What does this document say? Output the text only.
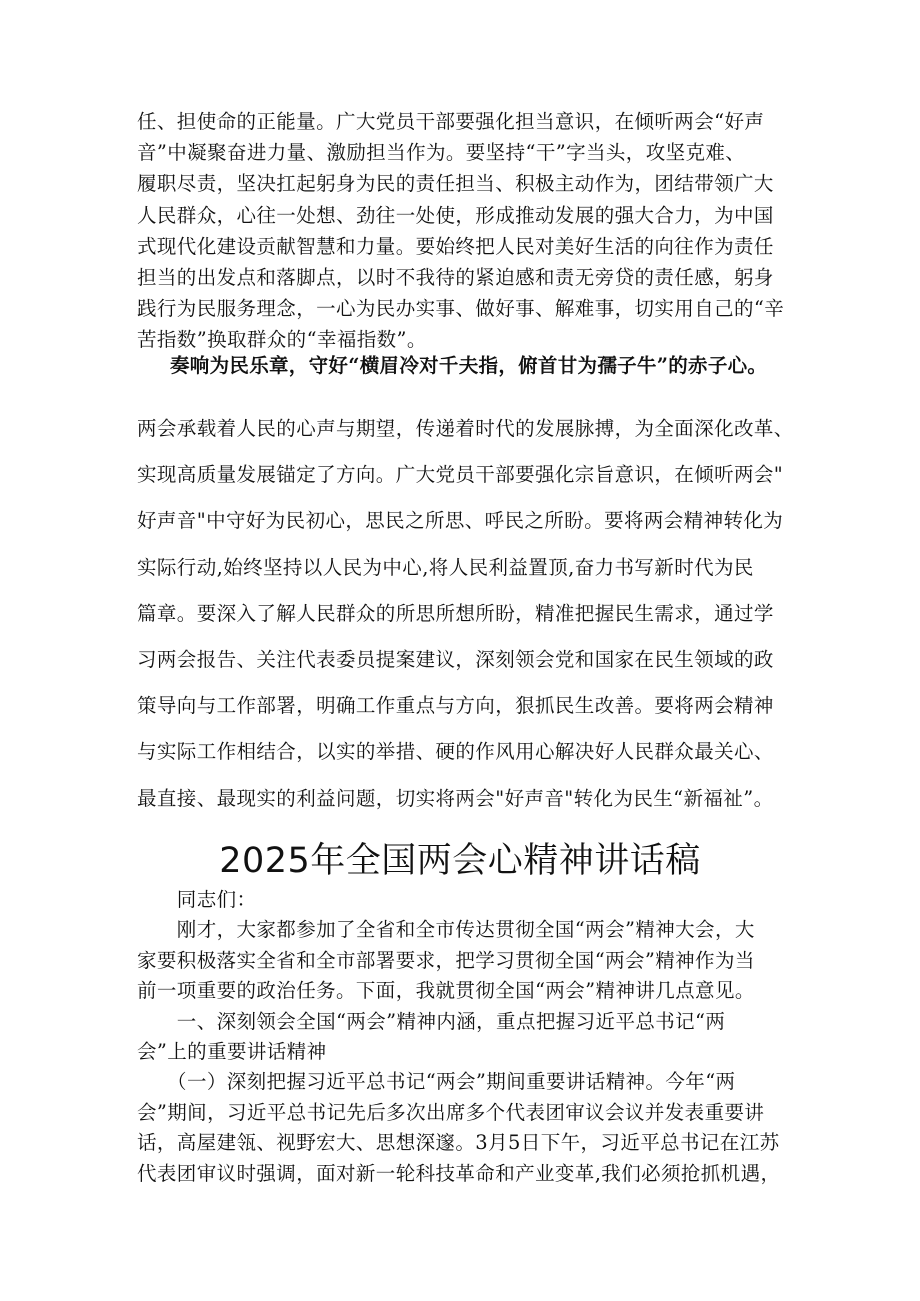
任、担使命的正能量。广大党员干部要强化担当意识，在倾听两会“好声
音”中凝聚奋进力量、激励担当作为。要坚持“干”字当头，攻坚克难、
履职尽责，坚决扛起躬身为民的责任担当、积极主动作为，团结带领广大
人民群众，心往一处想、劲往一处使，形成推动发展的强大合力，为中国
式现代化建设贡献智慧和力量。要始终把人民对美好生活的向往作为责任
担当的出发点和落脚点，以时不我待的紧迫感和责无旁贷的责任感，躬身
践行为民服务理念，一心为民办实事、做好事、解难事，切实用自己的“辛
苦指数”换取群众的“幸福指数”。
奏响为民乐章，守好“横眉冷对千夫指，俯首甘为孺子牛”的赤子心。
两会承载着人民的心声与期望，传递着时代的发展脉搏，为全面深化改革、
实现高质量发展锚定了方向。广大党员干部要强化宗旨意识，在倾听两会"
好声音"中守好为民初心，思民之所思、呼民之所盼。要将两会精神转化为
实际行动,始终坚持以人民为中心,将人民利益置顶,奋力书写新时代为民
篇章。要深入了解人民群众的所思所想所盼，精准把握民生需求，通过学
习两会报告、关注代表委员提案建议，深刻领会党和国家在民生领域的政
策导向与工作部署，明确工作重点与方向，狠抓民生改善。要将两会精神
与实际工作相结合，以实的举措、硬的作风用心解决好人民群众最关心、
最直接、最现实的利益问题，切实将两会"好声音"转化为民生“新福祉”。
2025年全国两会心精神讲话稿
　　同志们：
　　刚才，大家都参加了全省和全市传达贯彻全国“两会”精神大会，大
家要积极落实全省和全市部署要求，把学习贯彻全国“两会”精神作为当
前一项重要的政治任务。下面，我就贯彻全国“两会”精神讲几点意见。
　　一、深刻领会全国“两会”精神内涵，重点把握习近平总书记“两
会”上的重要讲话精神
　　（一）深刻把握习近平总书记“两会”期间重要讲话精神。今年“两
会”期间，习近平总书记先后多次出席多个代表团审议会议并发表重要讲
话，高屋建瓴、视野宏大、思想深邃。3月5日下午，习近平总书记在江苏
代表团审议时强调，面对新一轮科技革命和产业变革,我们必须抢抓机遇，
